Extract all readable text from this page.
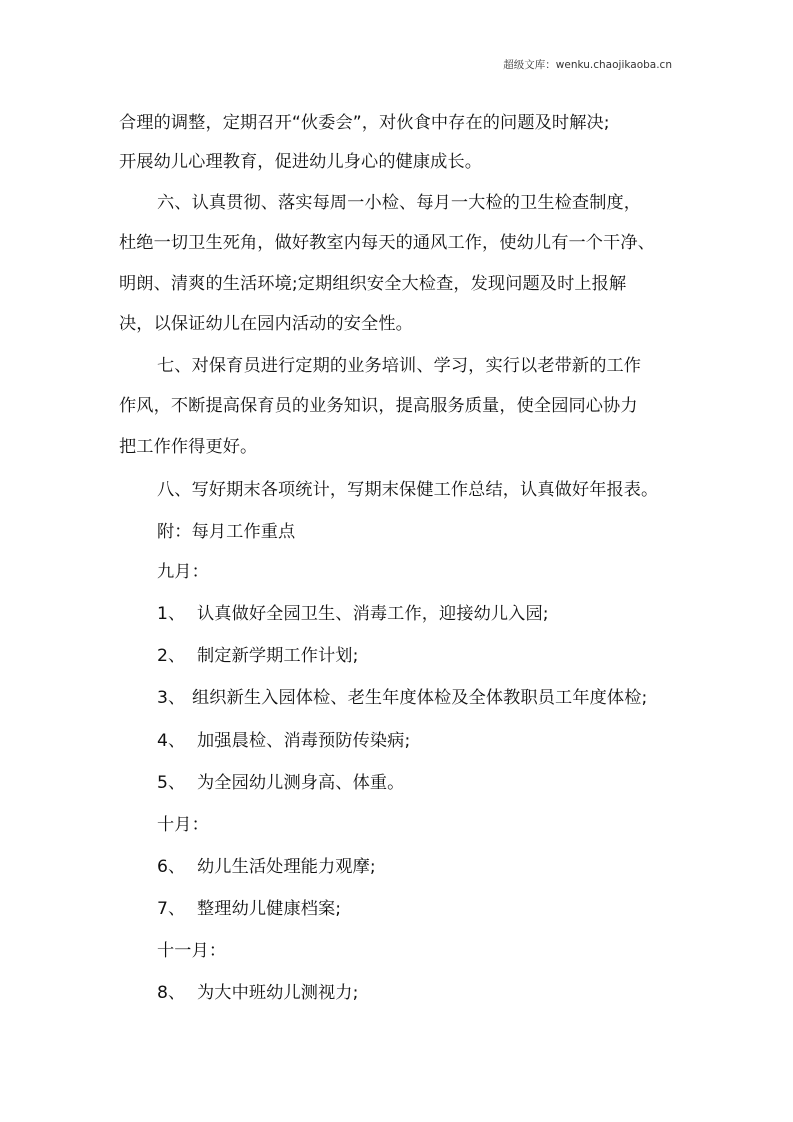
超级文库：wenku.chaojikaoba.cn
合理的调整，定期召开“伙委会”，对伙食中存在的问题及时解决;
开展幼儿心理教育，促进幼儿身心的健康成长。
六、认真贯彻、落实每周一小检、每月一大检的卫生检查制度，
杜绝一切卫生死角，做好教室内每天的通风工作，使幼儿有一个干净、
明朗、清爽的生活环境;定期组织安全大检查，发现问题及时上报解
决，以保证幼儿在园内活动的安全性。
七、对保育员进行定期的业务培训、学习，实行以老带新的工作
作风，不断提高保育员的业务知识，提高服务质量，使全园同心协力
把工作作得更好。
八、写好期末各项统计，写期末保健工作总结，认真做好年报表。
附：每月工作重点
九月：
1、 认真做好全园卫生、消毒工作，迎接幼儿入园;
2、 制定新学期工作计划;
3、 组织新生入园体检、老生年度体检及全体教职员工年度体检;
4、 加强晨检、消毒预防传染病;
5、 为全园幼儿测身高、体重。
十月：
6、 幼儿生活处理能力观摩;
7、 整理幼儿健康档案;
十一月：
8、 为大中班幼儿测视力;
